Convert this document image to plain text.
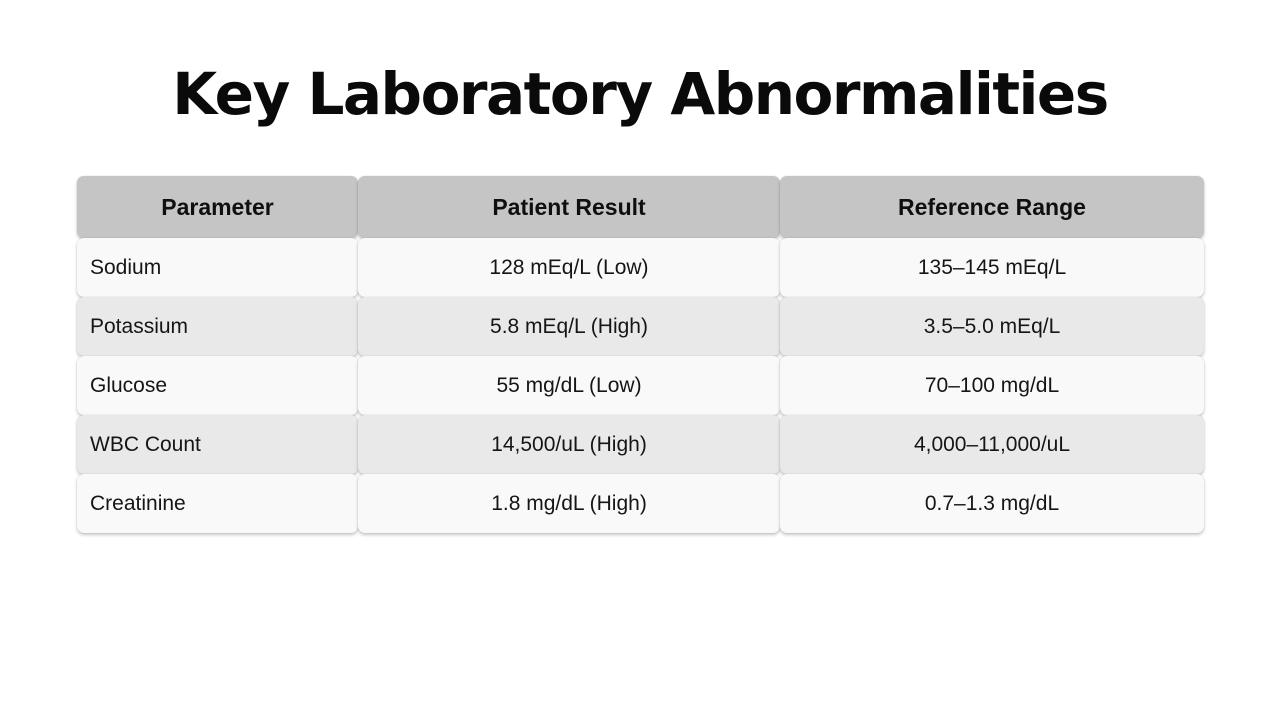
Key Laboratory Abnormalities
Parameter	Patient Result	Reference Range
Sodium	128 mEq/L (Low)	135–145 mEq/L
Potassium	5.8 mEq/L (High)	3.5–5.0 mEq/L
Glucose	55 mg/dL (Low)	70–100 mg/dL
WBC Count	14,500/uL (High)	4,000–11,000/uL
Creatinine	1.8 mg/dL (High)	0.7–1.3 mg/dL
